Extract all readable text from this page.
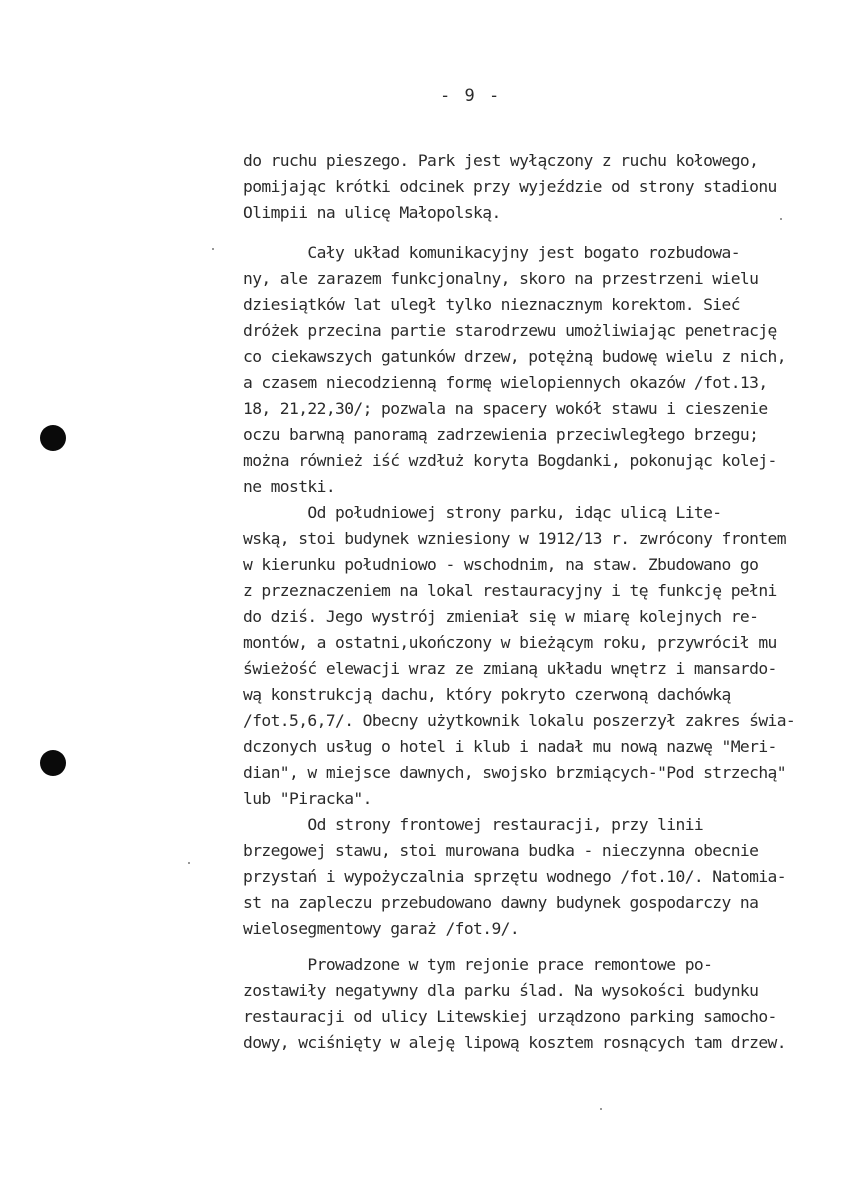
- 9 -
do ruchu pieszego. Park jest wyłączony z ruchu kołowego,
pomijając krótki odcinek przy wyjeździe od strony stadionu
Olimpii na ulicę Małopolską.
Cały układ komunikacyjny jest bogato rozbudowa-
ny, ale zarazem funkcjonalny, skoro na przestrzeni wielu
dziesiątków lat uległ tylko nieznacznym korektom. Sieć
dróżek przecina partie starodrzewu umożliwiając penetrację
co ciekawszych gatunków drzew, potężną budowę wielu z nich,
a czasem niecodzienną formę wielopiennych okazów /fot.13,
18, 21,22,30/; pozwala na spacery wokół stawu i cieszenie
oczu barwną panoramą zadrzewienia przeciwległego brzegu;
można również iść wzdłuż koryta Bogdanki, pokonując kolej-
ne mostki.
Od południowej strony parku, idąc ulicą Lite-
wską, stoi budynek wzniesiony w 1912/13 r. zwrócony frontem
w kierunku południowo - wschodnim, na staw. Zbudowano go
z przeznaczeniem na lokal restauracyjny i tę funkcję pełni
do dziś. Jego wystrój zmieniał się w miarę kolejnych re-
montów, a ostatni,ukończony w bieżącym roku, przywrócił mu
świeżość elewacji wraz ze zmianą układu wnętrz i mansardo-
wą konstrukcją dachu, który pokryto czerwoną dachówką
/fot.5,6,7/. Obecny użytkownik lokalu poszerzył zakres świa-
dczonych usług o hotel i klub i nadał mu nową nazwę "Meri-
dian", w miejsce dawnych, swojsko brzmiących-"Pod strzechą"
lub "Piracka".
Od strony frontowej restauracji, przy linii
brzegowej stawu, stoi murowana budka - nieczynna obecnie
przystań i wypożyczalnia sprzętu wodnego /fot.10/. Natomia-
st na zapleczu przebudowano dawny budynek gospodarczy na
wielosegmentowy garaż /fot.9/.
Prowadzone w tym rejonie prace remontowe po-
zostawiły negatywny dla parku ślad. Na wysokości budynku
restauracji od ulicy Litewskiej urządzono parking samocho-
dowy, wciśnięty w aleję lipową kosztem rosnących tam drzew.
